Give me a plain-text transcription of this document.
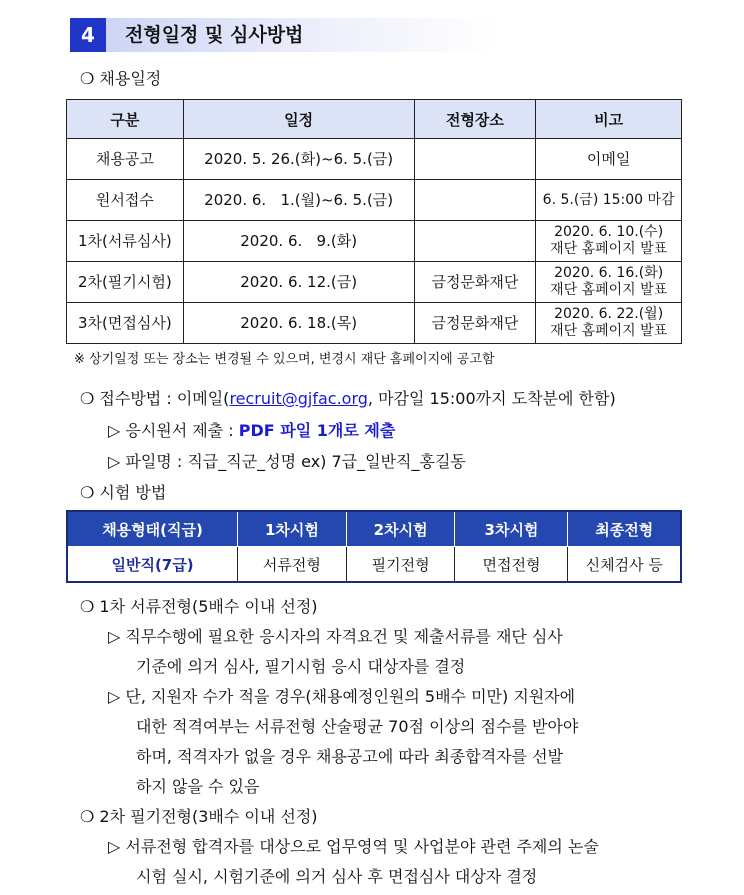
4	전형일정 및 심사방법
❍ 채용일정
구분	일정	전형장소	비고
채용공고	2020. 5. 26.(화)~6. 5.(금)		이메일
원서접수	2020. 6.   1.(월)~6. 5.(금)		6. 5.(금) 15:00 마감
1차(서류심사)	2020. 6.   9.(화)		2020. 6. 10.(수)
재단 홈페이지 발표
2차(필기시험)	2020. 6. 12.(금)	금정문화재단	2020. 6. 16.(화)
재단 홈페이지 발표
3차(면접심사)	2020. 6. 18.(목)	금정문화재단	2020. 6. 22.(월)
재단 홈페이지 발표
※ 상기일정 또는 장소는 변경될 수 있으며, 변경시 재단 홈페이지에 공고함
❍ 접수방법 : 이메일(recruit@gjfac.org, 마감일 15:00까지 도착분에 한함)
▷ 응시원서 제출 : PDF 파일 1개로 제출
▷ 파일명 : 직급_직군_성명 ex) 7급_일반직_홍길동
❍ 시험 방법
채용형태(직급)	1차시험	2차시험	3차시험	최종전형
일반직(7급)	서류전형	필기전형	면접전형	신체검사 등
❍ 1차 서류전형(5배수 이내 선정)
▷ 직무수행에 필요한 응시자의 자격요건 및 제출서류를 재단 심사
기준에 의거 심사, 필기시험 응시 대상자를 결정
▷ 단, 지원자 수가 적을 경우(채용예정인원의 5배수 미만) 지원자에
대한 적격여부는 서류전형 산술평균 70점 이상의 점수를 받아야
하며, 적격자가 없을 경우 채용공고에 따라 최종합격자를 선발
하지 않을 수 있음
❍ 2차 필기전형(3배수 이내 선정)
▷ 서류전형 합격자를 대상으로 업무영역 및 사업분야 관련 주제의 논술
시험 실시, 시험기준에 의거 심사 후 면접심사 대상자 결정
